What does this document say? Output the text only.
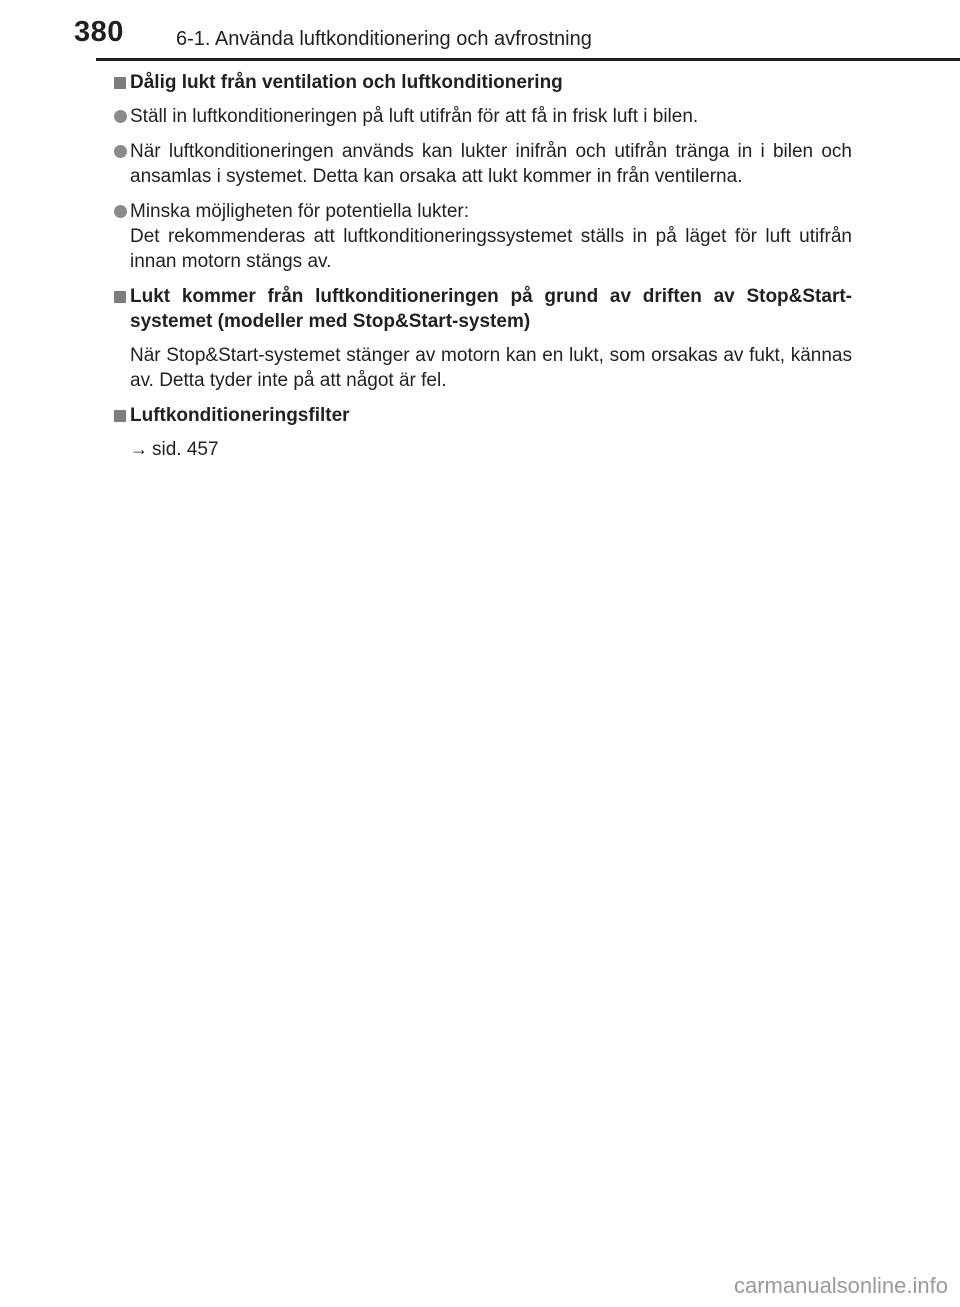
380	6-1. Använda luftkonditionering och avfrostning
Dålig lukt från ventilation och luftkonditionering
Ställ in luftkonditioneringen på luft utifrån för att få in frisk luft i bilen.
När luftkonditioneringen används kan lukter inifrån och utifrån tränga in i bilen och ansamlas i systemet. Detta kan orsaka att lukt kommer in från ventilerna.
Minska möjligheten för potentiella lukter:
Det rekommenderas att luftkonditioneringssystemet ställs in på läget för luft utifrån innan motorn stängs av.
Lukt kommer från luftkonditioneringen på grund av driften av Stop&Start-systemet (modeller med Stop&Start-system)
När Stop&Start-systemet stänger av motorn kan en lukt, som orsakas av fukt, kännas av. Detta tyder inte på att något är fel.
Luftkonditioneringsfilter
→ sid. 457
carmanualsonline.info
